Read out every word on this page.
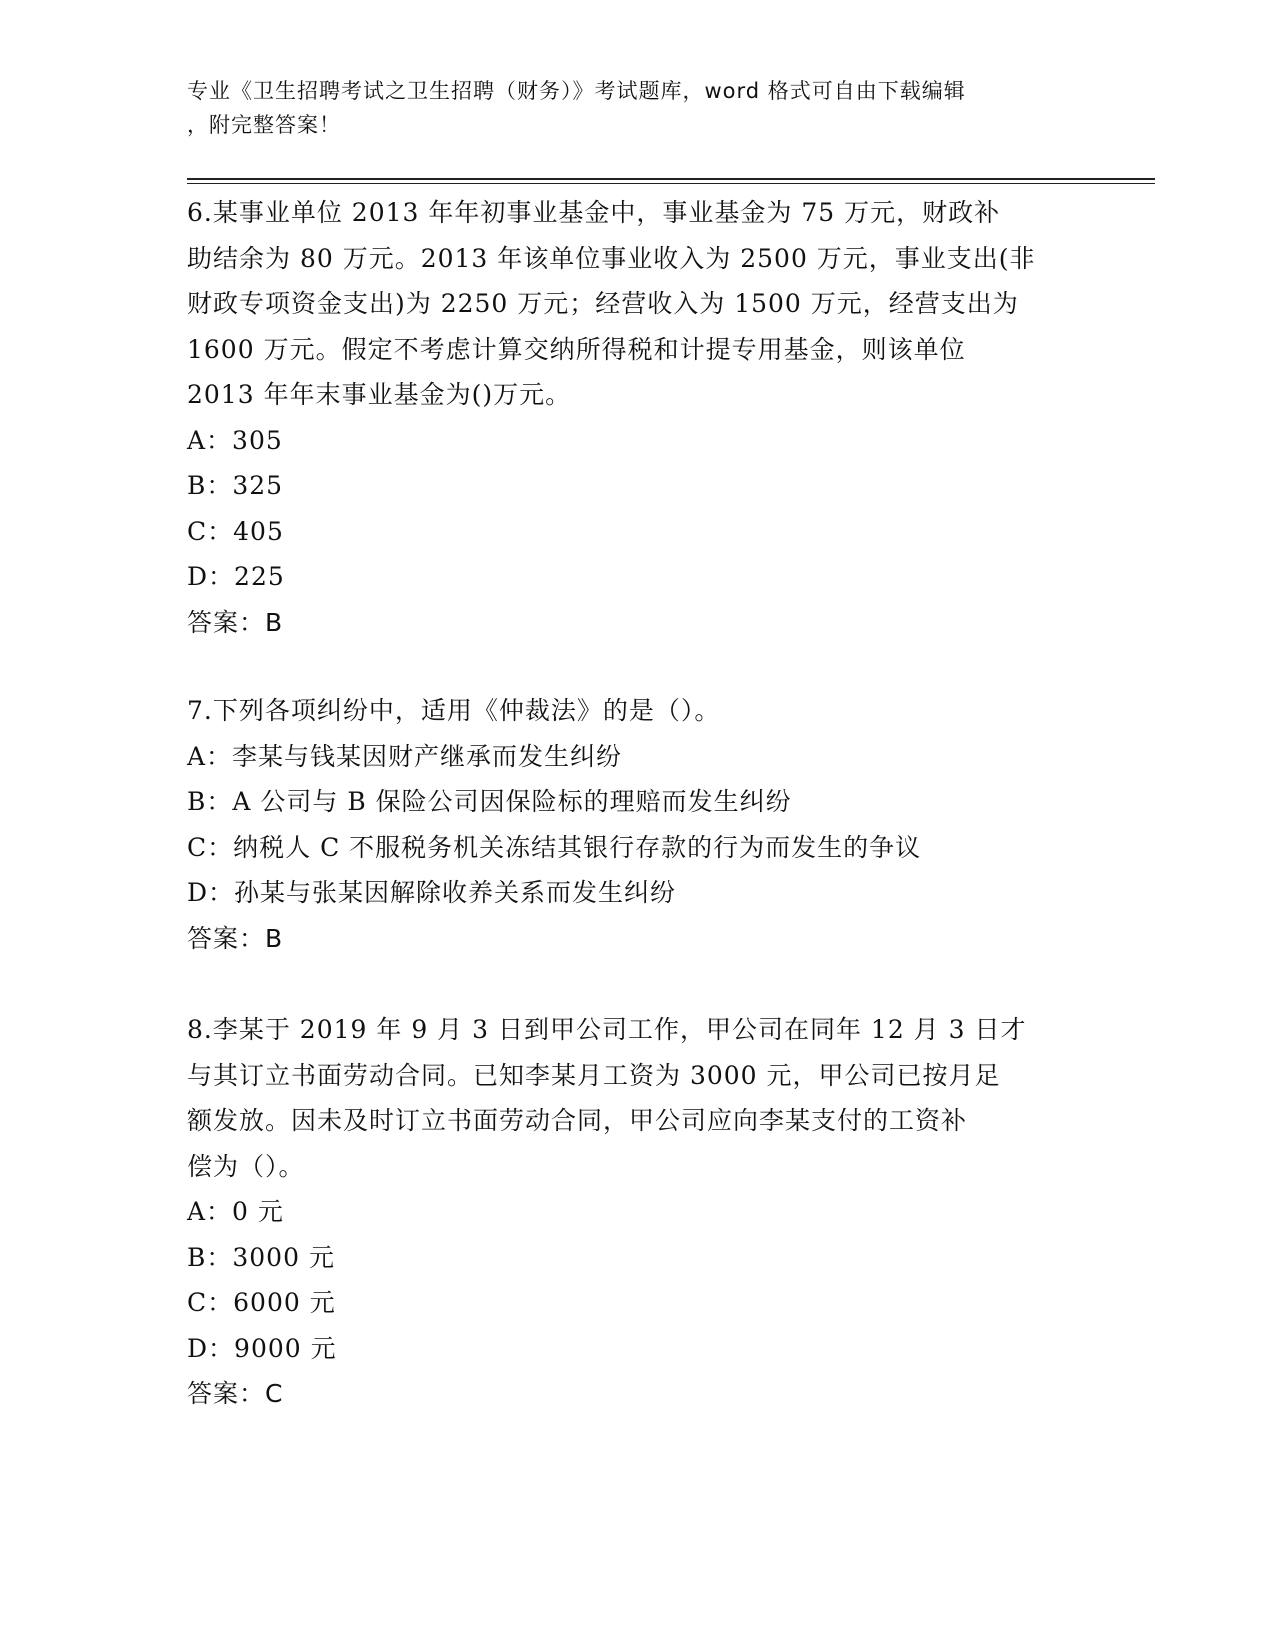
专业《卫生招聘考试之卫生招聘（财务）》考试题库，word 格式可自由下载编辑
，附完整答案！
6.某事业单位 2013 年年初事业基金中，事业基金为 75 万元，财政补
助结余为 80 万元。2013 年该单位事业收入为 2500 万元，事业支出(非
财政专项资金支出)为 2250 万元；经营收入为 1500 万元，经营支出为
1600 万元。假定不考虑计算交纳所得税和计提专用基金，则该单位
2013 年年末事业基金为()万元。
A：305
B：325
C：405
D：225
答案：B
7.下列各项纠纷中，适用《仲裁法》的是（）。
A：李某与钱某因财产继承而发生纠纷
B：A 公司与 B 保险公司因保险标的理赔而发生纠纷
C：纳税人 C 不服税务机关冻结其银行存款的行为而发生的争议
D：孙某与张某因解除收养关系而发生纠纷
答案：B
8.李某于 2019 年 9 月 3 日到甲公司工作，甲公司在同年 12 月 3 日才
与其订立书面劳动合同。已知李某月工资为 3000 元，甲公司已按月足
额发放。因未及时订立书面劳动合同，甲公司应向李某支付的工资补
偿为（）。
A：0 元
B：3000 元
C：6000 元
D：9000 元
答案：C
